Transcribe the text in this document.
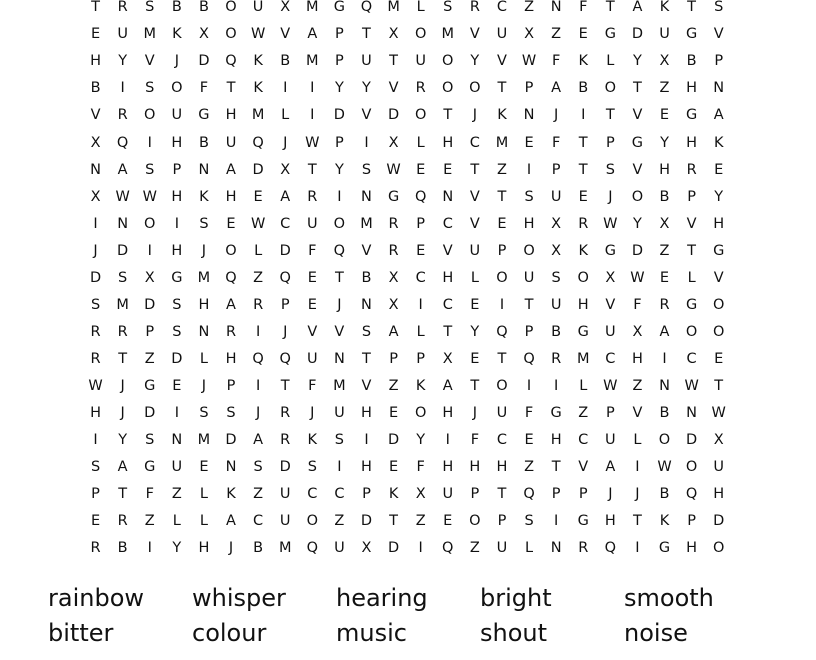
T	R	S	B	B	O	U	X	M	G	Q	M	L	S	R	C	Z	N	F	T	A	K	T	S
E	U	M	K	X	O W	V	A	P	T	X	O	M	V	U	X	Z	E	G	D	U	G	V
H	Y	V	J	D	Q	K	B	M	P	U	T	U	O	Y	V	W	F	K	L	Y	X	B	P
B	I	S	O	F	T	K	I	I	Y	Y	V	R	O	O	T	P	A	B	O	T	Z	H	N
V	R	O	U	G	H	M	L	I	D	V	D	O	T	J	K	N	J	I	T	V	E	G	A
X	Q	I	H	B	U	Q	J	W	P	I	X	L	H	C	M	E	F	T	P	G	Y	H	K
N	A	S	P	N	A	D	X	T	Y	S	W	E	E	T	Z	I	P	T	S	V	H	R	E
X	W W H	K	H	E	A	R	I	N	G	Q	N	V	T	S	U	E	J	O	B	P	Y
I	N	O	I	S	E	W	C	U	O	M	R	P	C	V	E	H	X	R	W	Y	X	V	H
J	D	I	H	J	O	L	D	F	Q	V	R	E	V	U	P	O	X	K	G	D	Z	T	G
D	S	X	G	M	Q	Z	Q	E	T	B	X	C	H	L	O	U	S	O	X	W	E	L	V
S	M	D	S	H	A	R	P	E	J	N	X	I	C	E	I	T	U	H	V	F	R	G	O
R	R	P	S	N	R	I	J	V	V	S	A	L	T	Y	Q	P	B	G	U	X	A	O	O
R	T	Z	D	L	H	Q	Q	U	N	T	P	P	X	E	T	Q	R	M	C	H	I	C	E
W	J	G	E	J	P	I	T	F	M	V	Z	K	A	T	O	I	I	L	W	Z	N	W	T
H	J	D	I	S	S	J	R	J	U	H	E	O	H	J	U	F	G	Z	P	V	B	N	W
I	Y	S	N	M	D	A	R	K	S	I	D	Y	I	F	C	E	H	C	U	L	O	D	X
S	A	G	U	E	N	S	D	S	I	H	E	F	H	H	H	Z	T	V	A	I	W O	U
P	T	F	Z	L	K	Z	U	C	C	P	K	X	U	P	T	Q	P	P	J	J	B	Q	H
E	R	Z	L	L	A	C	U	O	Z	D	T	Z	E	O	P	S	I	G	H	T	K	P	D
R	B	I	Y	H	J	B	M	Q	U	X	D	I	Q	Z	U	L	N	R	Q	I	G	H	O
rainbow	whisper	hearing	bright	smooth
bitter	colour	music	shout	noise
